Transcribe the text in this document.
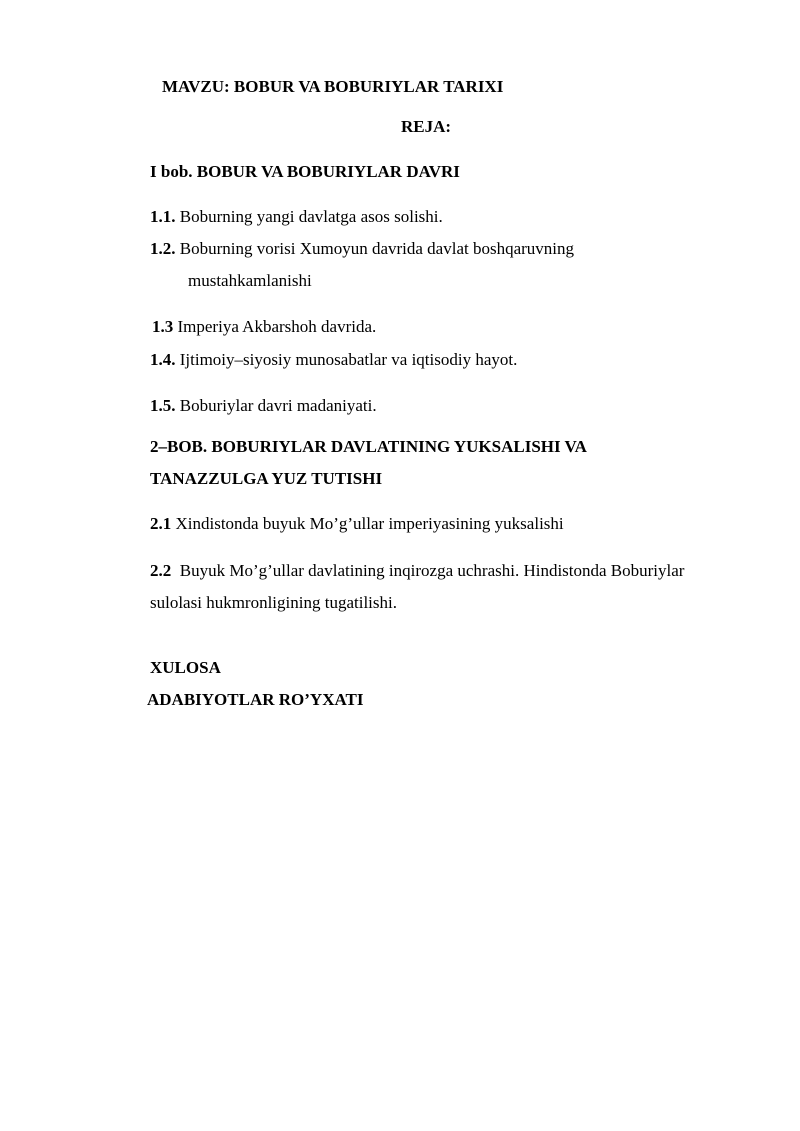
MAVZU: BOBUR VA BOBURIYLAR TARIXI
REJA:
I bob. BOBUR VA BOBURIYLAR DAVRI
1.1. Boburning yangi davlatga asos solishi.
1.2. Boburning vorisi Xumoyun davrida davlat boshqaruvning
mustahkamlanishi
1.3 Imperiya Akbarshoh davrida.
1.4. Ijtimoiy–siyosiy munosabatlar va iqtisodiy hayot.
1.5. Boburiylar davri madaniyati.
2–BOB. BOBURIYLAR DAVLATINING YUKSALISHI VA
TANAZZULGA YUZ TUTISHI
2.1 Xindistonda buyuk Mo’g’ullar imperiyasining yuksalishi
2.2 Buyuk Mo’g’ullar davlatining inqirozga uchrashi. Hindistonda Boburiylar
sulolasi hukmronligining tugatilishi.
XULOSA
ADABIYOTLAR RO’YXATI
